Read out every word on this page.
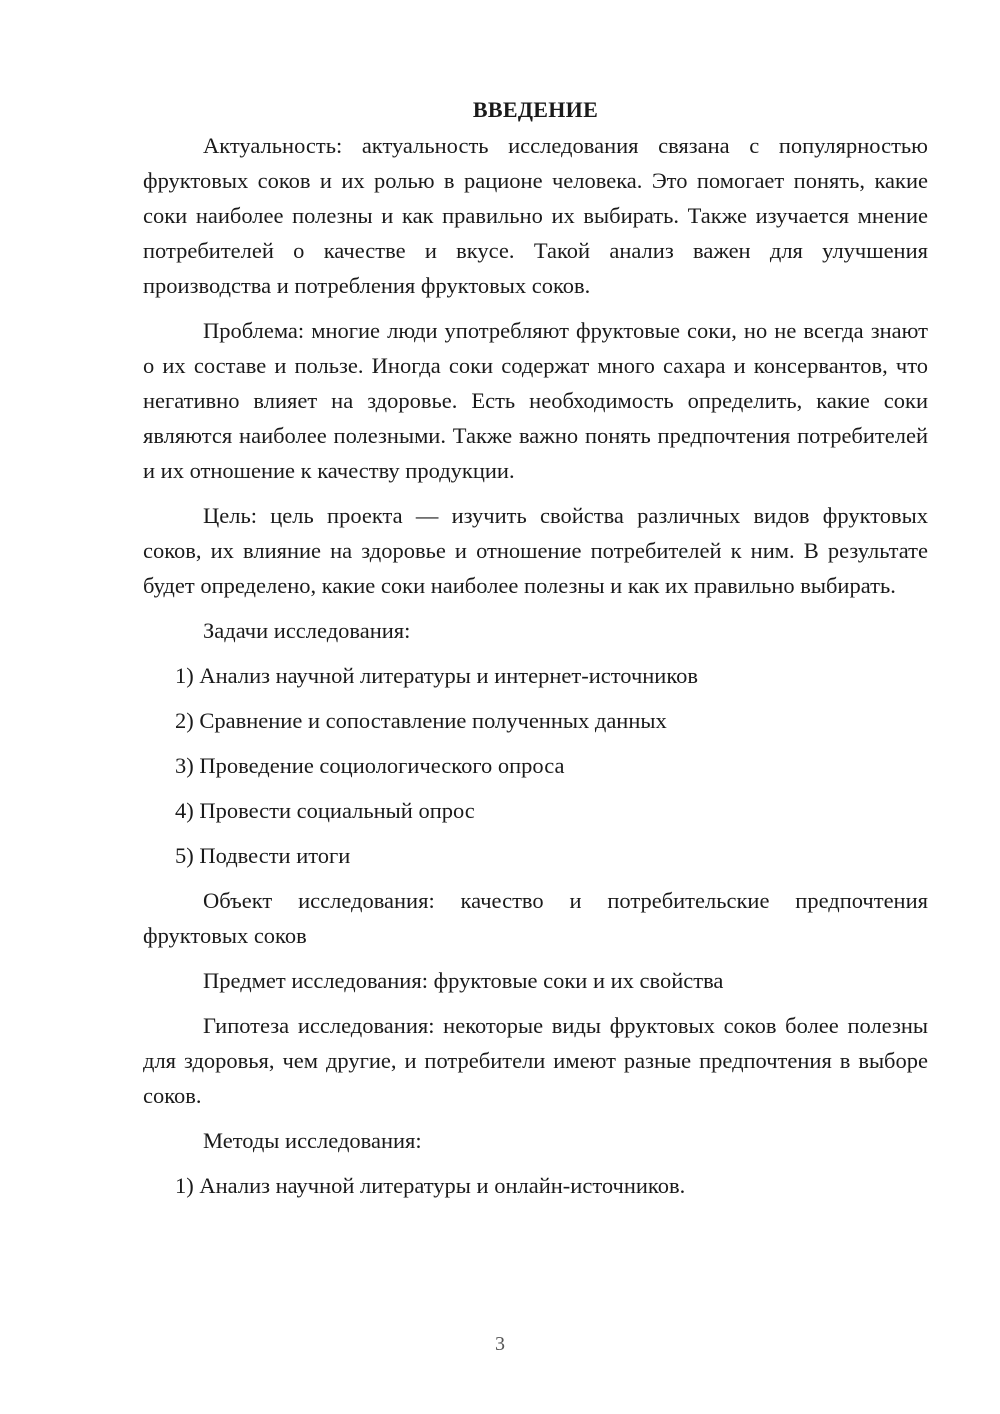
ВВЕДЕНИЕ

Актуальность: актуальность исследования связана с популярностью фруктовых соков и их ролью в рационе человека. Это помогает понять, какие соки наиболее полезны и как правильно их выбирать. Также изучается мнение потребителей о качестве и вкусе. Такой анализ важен для улучшения производства и потребления фруктовых соков.

Проблема: многие люди употребляют фруктовые соки, но не всегда знают о их составе и пользе. Иногда соки содержат много сахара и консервантов, что негативно влияет на здоровье. Есть необходимость определить, какие соки являются наиболее полезными. Также важно понять предпочтения потребителей и их отношение к качеству продукции.

Цель: цель проекта — изучить свойства различных видов фруктовых соков, их влияние на здоровье и отношение потребителей к ним. В результате будет определено, какие соки наиболее полезны и как их правильно выбирать.

Задачи исследования:

1) Анализ научной литературы и интернет-источников
2) Сравнение и сопоставление полученных данных
3) Проведение социологического опроса
4) Провести социальный опрос
5) Подвести итоги

Объект исследования: качество и потребительские предпочтения фруктовых соков

Предмет исследования: фруктовые соки и их свойства

Гипотеза исследования: некоторые виды фруктовых соков более полезны для здоровья, чем другие, и потребители имеют разные предпочтения в выборе соков.

Методы исследования:

1) Анализ научной литературы и онлайн-источников.
3
